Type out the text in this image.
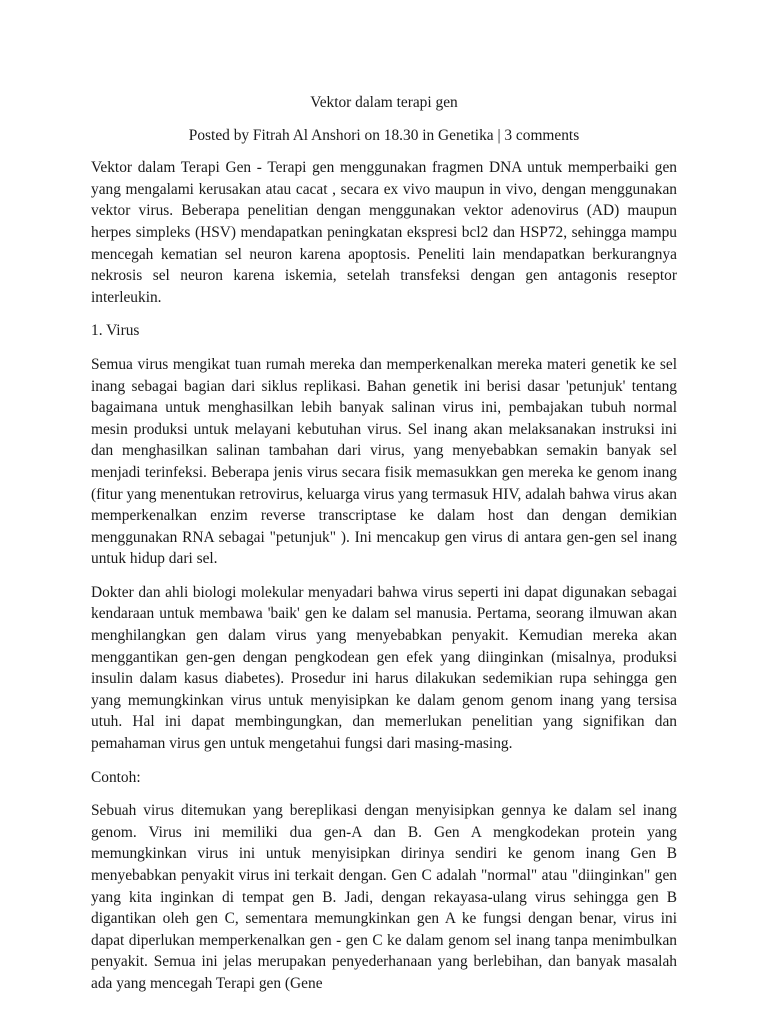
Vektor dalam terapi gen

Posted by Fitrah Al Anshori on 18.30 in Genetika | 3 comments

Vektor dalam Terapi Gen - Terapi gen menggunakan fragmen DNA untuk memperbaiki gen yang mengalami kerusakan atau cacat , secara ex vivo maupun in vivo, dengan menggunakan vektor virus. Beberapa penelitian dengan menggunakan vektor adenovirus (AD) maupun herpes simpleks (HSV) mendapatkan peningkatan ekspresi bcl2 dan HSP72, sehingga mampu mencegah kematian sel neuron karena apoptosis. Peneliti lain mendapatkan berkurangnya nekrosis sel neuron karena iskemia, setelah transfeksi dengan gen antagonis reseptor interleukin.

1. Virus

Semua virus mengikat tuan rumah mereka dan memperkenalkan mereka materi genetik ke sel inang sebagai bagian dari siklus replikasi. Bahan genetik ini berisi dasar 'petunjuk' tentang bagaimana untuk menghasilkan lebih banyak salinan virus ini, pembajakan tubuh normal mesin produksi untuk melayani kebutuhan virus. Sel inang akan melaksanakan instruksi ini dan menghasilkan salinan tambahan dari virus, yang menyebabkan semakin banyak sel menjadi terinfeksi. Beberapa jenis virus secara fisik memasukkan gen mereka ke genom inang (fitur yang menentukan retrovirus, keluarga virus yang termasuk HIV, adalah bahwa virus akan memperkenalkan enzim reverse transcriptase ke dalam host dan dengan demikian menggunakan RNA sebagai "petunjuk" ). Ini mencakup gen virus di antara gen-gen sel inang untuk hidup dari sel.

Dokter dan ahli biologi molekular menyadari bahwa virus seperti ini dapat digunakan sebagai kendaraan untuk membawa 'baik' gen ke dalam sel manusia. Pertama, seorang ilmuwan akan menghilangkan gen dalam virus yang menyebabkan penyakit. Kemudian mereka akan menggantikan gen-gen dengan pengkodean gen efek yang diinginkan (misalnya, produksi insulin dalam kasus diabetes). Prosedur ini harus dilakukan sedemikian rupa sehingga gen yang memungkinkan virus untuk menyisipkan ke dalam genom genom inang yang tersisa utuh. Hal ini dapat membingungkan, dan memerlukan penelitian yang signifikan dan pemahaman virus gen untuk mengetahui fungsi dari masing-masing.

Contoh:

Sebuah virus ditemukan yang bereplikasi dengan menyisipkan gennya ke dalam sel inang genom. Virus ini memiliki dua gen-A dan B. Gen A mengkodekan protein yang memungkinkan virus ini untuk menyisipkan dirinya sendiri ke genom inang Gen B menyebabkan penyakit virus ini terkait dengan. Gen C adalah "normal" atau "diinginkan" gen yang kita inginkan di tempat gen B. Jadi, dengan rekayasa-ulang virus sehingga gen B digantikan oleh gen C, sementara memungkinkan gen A ke fungsi dengan benar, virus ini dapat diperlukan memperkenalkan gen - gen C ke dalam genom sel inang tanpa menimbulkan penyakit. Semua ini jelas merupakan penyederhanaan yang berlebihan, dan banyak masalah ada yang mencegah Terapi gen (Gene
